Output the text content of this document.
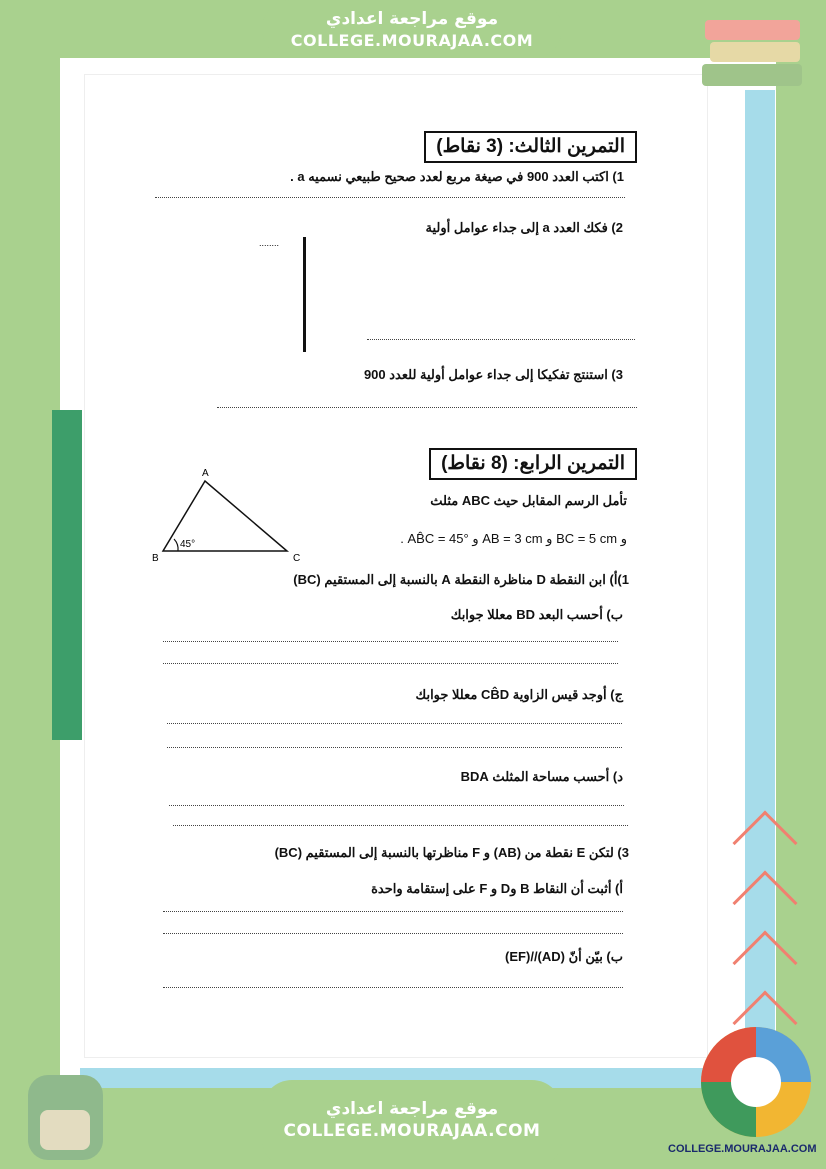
موقع مراجعة اعدادي
COLLEGE.MOURAJAA.COM
التمرين الثالث: (3 نقاط)
1) اكتب العدد 900 في صيغة مربع لعدد صحيح طبيعي نسميه a .
2) فكك العدد a إلى جداء عوامل أولية
........
3) استنتج تفكيكا إلى جداء عوامل أولية للعدد 900
التمرين الرابع: (8 نقاط)
A
B	C
45°
تأمل الرسم المقابل حيث ABC مثلث
و BC = 5 cm و AB = 3 cm و AB̂C = 45° .
1)أ) ابن النقطة D مناظرة النقطة A بالنسبة إلى المستقيم (BC)
ب) أحسب البعد BD معللا جوابك
ج) أوجد قيس الزاوية CB̂D معللا جوابك
د) أحسب مساحة المثلث BDA
3) لتكن E نقطة من (AB) و F مناظرتها بالنسبة إلى المستقيم (BC)
أ) أثبت أن النقاط B وD و F على إستقامة واحدة
ب) بيّن أنّ (AD)//(EF)
COLLEGE.MOURAJAA.COM
موقع مراجعة اعدادي
COLLEGE.MOURAJAA.COM
